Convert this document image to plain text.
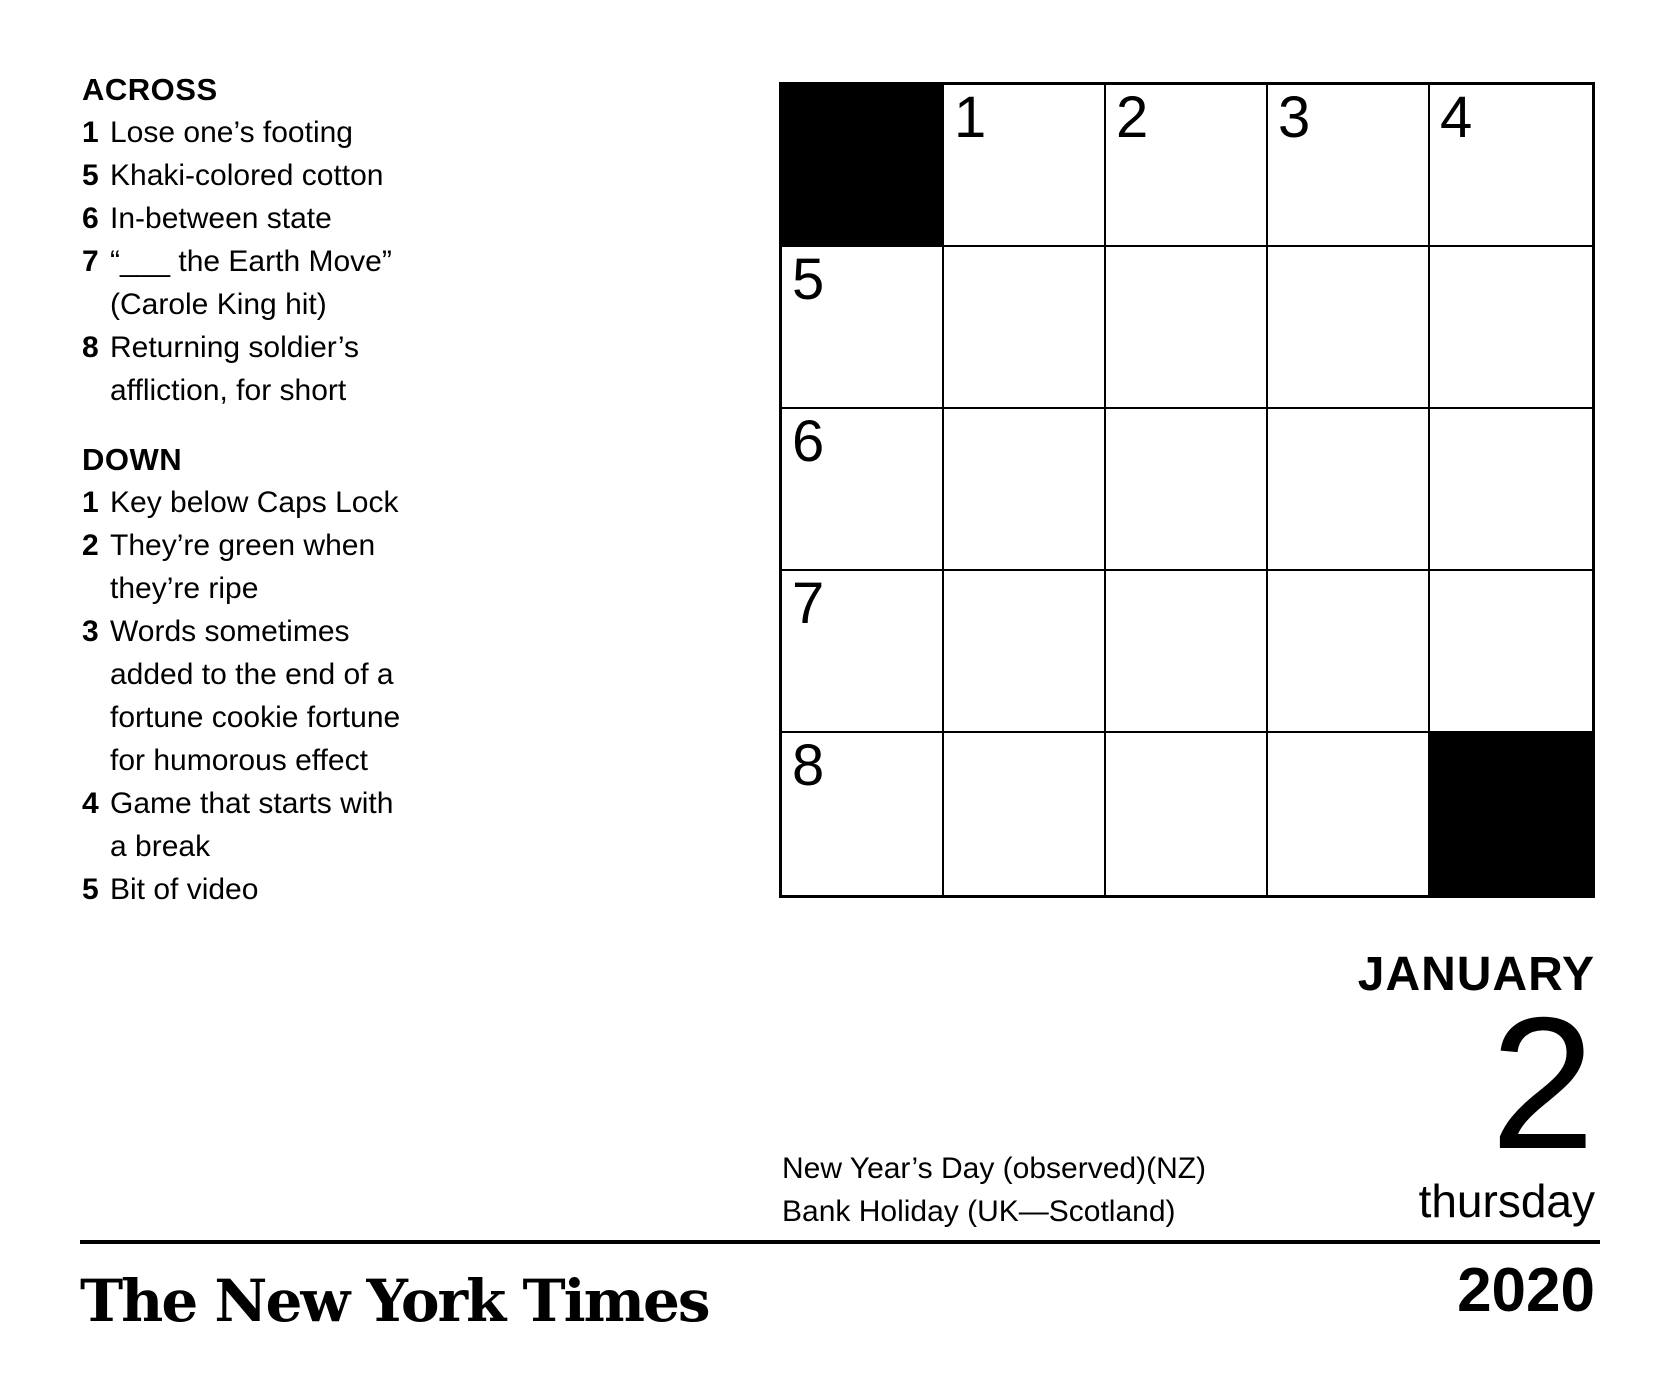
ACROSS
1 Lose one’s footing
5 Khaki-colored cotton
6 In-between state
7 “___ the Earth Move”
(Carole King hit)
8 Returning soldier’s
affliction, for short
DOWN
1 Key below Caps Lock
2 They’re green when
they’re ripe
3 Words sometimes
added to the end of a
fortune cookie fortune
for humorous effect
4 Game that starts with
a break
5 Bit of video
1 2 3 4
5
6
7
8
JANUARY
2
thursday
New Year’s Day (observed)(NZ)
Bank Holiday (UK—Scotland)
2020
The New York Times
